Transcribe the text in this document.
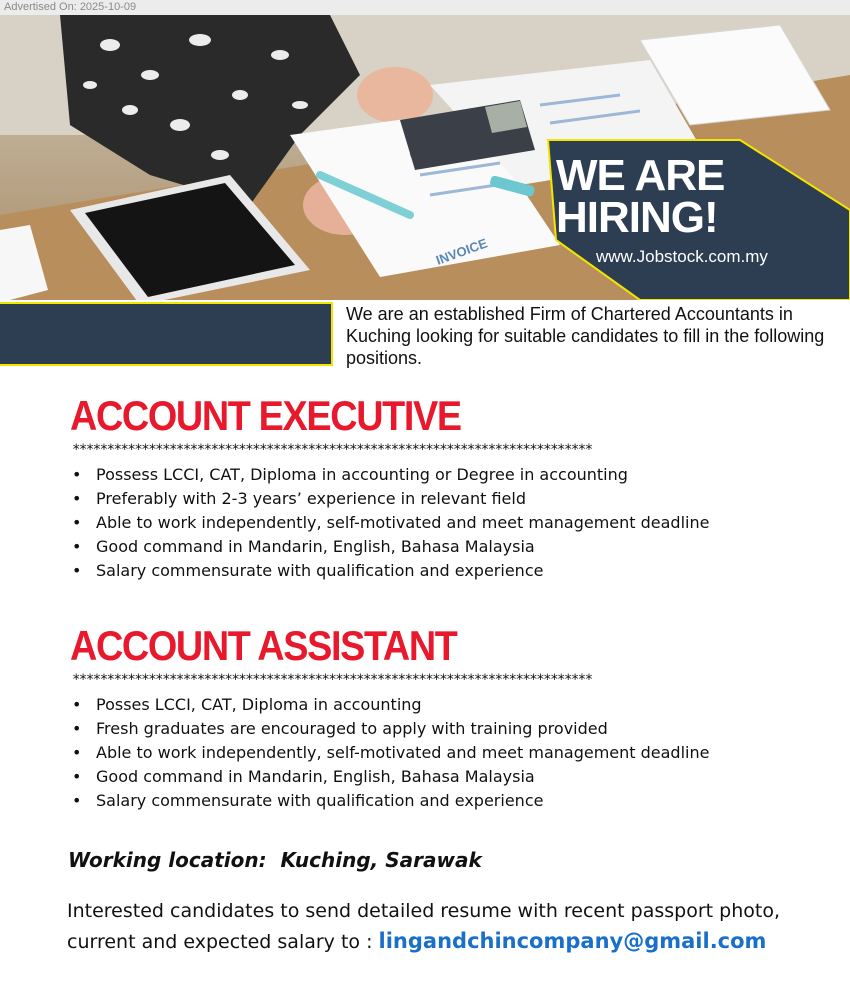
Advertised On: 2025-10-09
INVOICE
WE ARE
HIRING!
www.Jobstock.com.my
We are an established Firm of Chartered Accountants in Kuching looking for suitable candidates to fill in the following positions.
ACCOUNT EXECUTIVE
***************************************************************************
• Possess LCCI, CAT, Diploma in accounting or Degree in accounting
• Preferably with 2-3 years’ experience in relevant field
• Able to work independently, self-motivated and meet management deadline
• Good command in Mandarin, English, Bahasa Malaysia
• Salary commensurate with qualification and experience
ACCOUNT ASSISTANT
***************************************************************************
• Posses LCCI, CAT, Diploma in accounting
• Fresh graduates are encouraged to apply with training provided
• Able to work independently, self-motivated and meet management deadline
• Good command in Mandarin, English, Bahasa Malaysia
• Salary commensurate with qualification and experience
Working location: Kuching, Sarawak
Interested candidates to send detailed resume with recent passport photo, current and expected salary to : lingandchincompany@gmail.com
